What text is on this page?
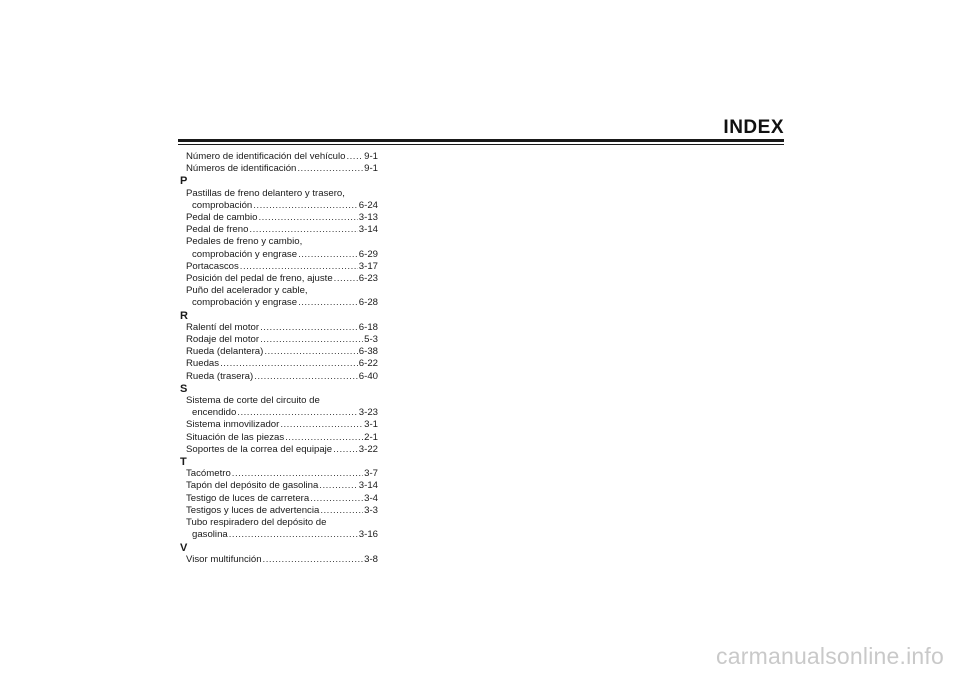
INDEX
Número de identificación del vehículo ..... 9-1
Números de identificación .....	9-1
P
Pastillas de freno delantero y trasero,
comprobación .....	6-24
Pedal de cambio .....	3-13
Pedal de freno .....	3-14
Pedales de freno y cambio,
comprobación y engrase .....	6-29
Portacascos .....	3-17
Posición del pedal de freno, ajuste .....	6-23
Puño del acelerador y cable,
comprobación y engrase .....	6-28
R
Ralentí del motor .....	6-18
Rodaje del motor .....	5-3
Rueda (delantera) .....	6-38
Ruedas .....	6-22
Rueda (trasera) .....	6-40
S
Sistema de corte del circuito de
encendido .....	3-23
Sistema inmovilizador .....	3-1
Situación de las piezas .....	2-1
Soportes de la correa del equipaje .....	3-22
T
Tacómetro .....	3-7
Tapón del depósito de gasolina .....	3-14
Testigo de luces de carretera .....	3-4
Testigos y luces de advertencia .....	3-3
Tubo respiradero del depósito de
gasolina .....	3-16
V
Visor multifunción .....	3-8
carmanualsonline.info
